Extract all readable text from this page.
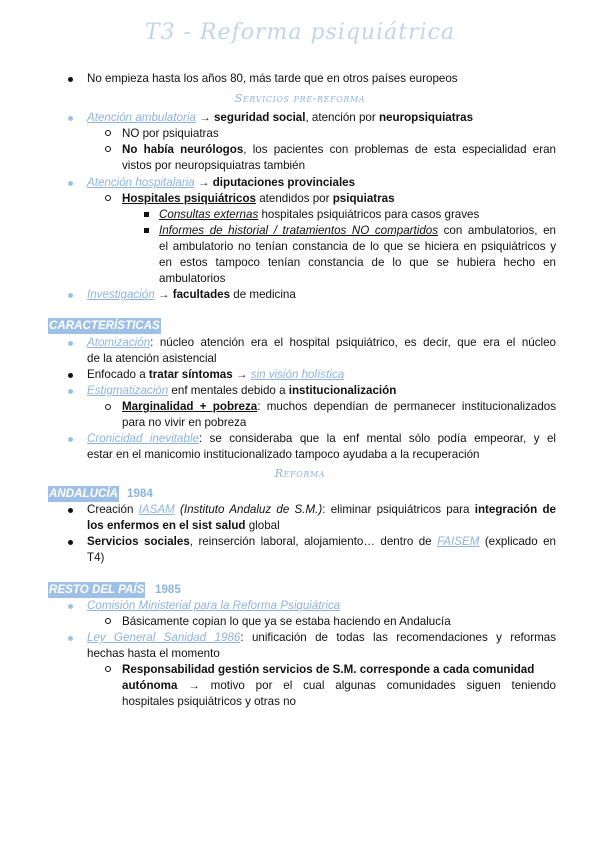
T3 - Reforma psiquiátrica
No empieza hasta los años 80, más tarde que en otros países europeos
Servicios pre-reforma
Atención ambulatoria → seguridad social, atención por neuropsiquiatras
NO por psiquiatras
No había neurólogos, los pacientes con problemas de esta especialidad eran
vistos por neuropsiquiatras también
Atención hospitalaria → diputaciones provinciales
Hospitales psiquiátricos atendidos por psiquiatras
Consultas externas hospitales psiquiátricos para casos graves
Informes de historial / tratamientos NO compartidos con ambulatorios, en
el ambulatorio no tenían constancia de lo que se hiciera en psiquiátricos y
en estos tampoco tenían constancia de lo que se hubiera hecho en
ambulatorios
Investigación → facultades de medicina
CARACTERÍSTICAS
Atomización: núcleo atención era el hospital psiquiátrico, es decir, que era el núcleo
de la atención asistencial
Enfocado a tratar síntomas → sin visión holística
Estigmatización enf mentales debido a institucionalización
Marginalidad + pobreza: muchos dependían de permanecer institucionalizados
para no vivir en pobreza
Cronicidad inevitable: se consideraba que la enf mental sólo podía empeorar, y el
estar en el manicomio institucionalizado tampoco ayudaba a la recuperación
Reforma
ANDALUCÍA 1984
Creación IASAM (Instituto Andaluz de S.M.): eliminar psiquiátricos para integración de
los enfermos en el sist salud global
Servicios sociales, reinserción laboral, alojamiento… dentro de FAISEM (explicado en
T4)
RESTO DEL PAÍS 1985
Comisión Ministerial para la Reforma Psiquiátrica
Básicamente copian lo que ya se estaba haciendo en Andalucía
Ley General Sanidad 1986: unificación de todas las recomendaciones y reformas
hechas hasta el momento
Responsabilidad gestión servicios de S.M. corresponde a cada comunidad
autónoma → motivo por el cual algunas comunidades siguen teniendo
hospitales psiquiátricos y otras no
